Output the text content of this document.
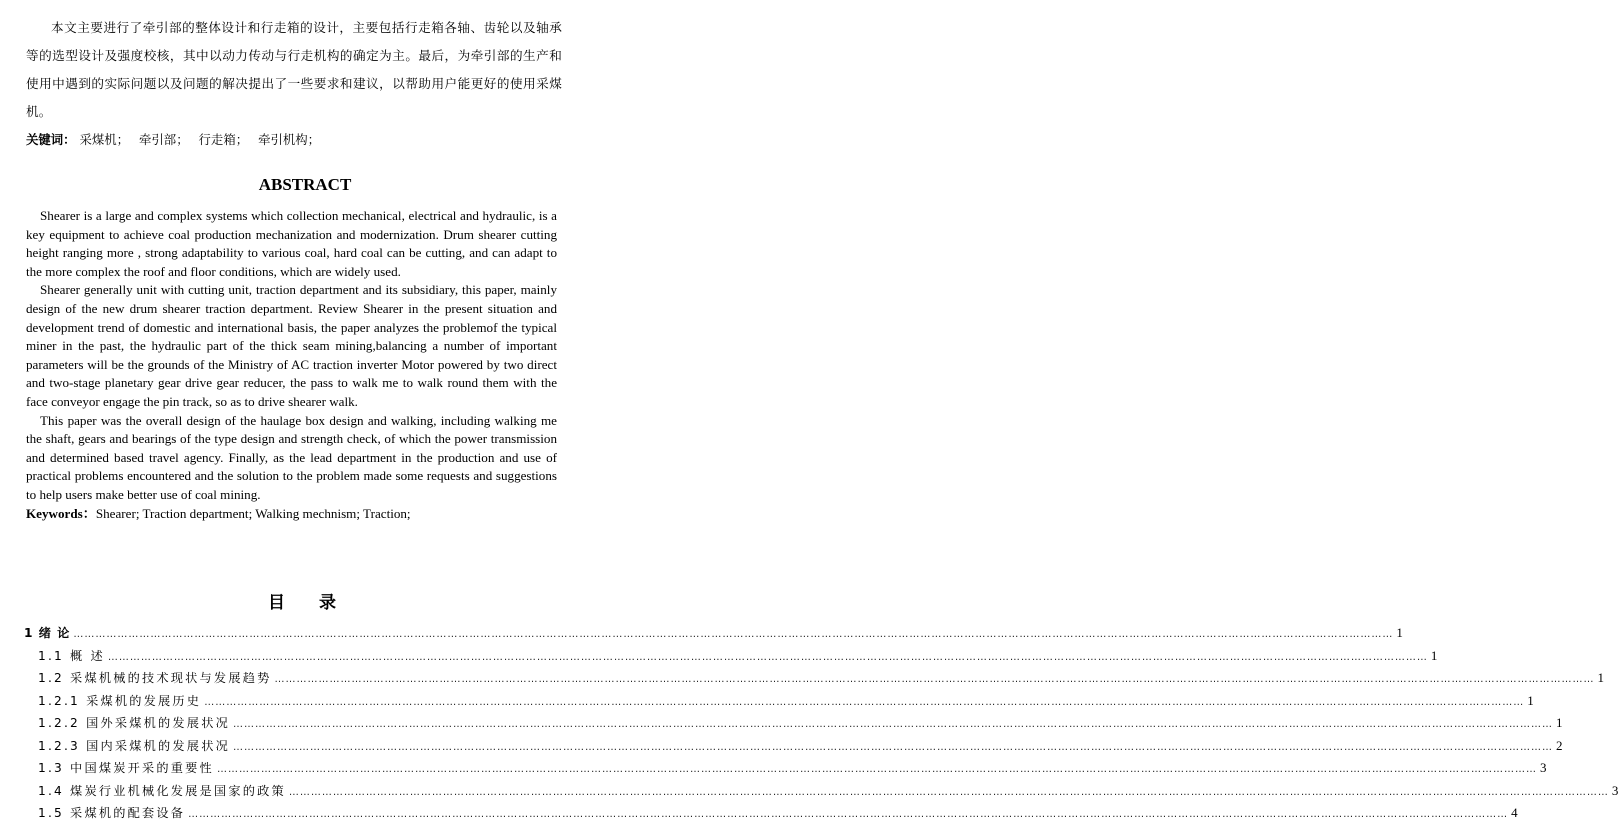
本文主要进行了牵引部的整体设计和行走箱的设计，主要包括行走箱各轴、齿轮以及轴承等的选型设计及强度校核，其中以动力传动与行走机构的确定为主。最后，为牵引部的生产和使用中遇到的实际问题以及问题的解决提出了一些要求和建议，以帮助用户能更好的使用采煤机。

关键词： 采煤机； 牵引部； 行走箱； 牵引机构；
ABSTRACT

Shearer is a large and complex systems which collection mechanical, electrical and hydraulic, is a key equipment to achieve coal production mechanization and modernization. Drum shearer cutting height ranging more , strong adaptability to various coal, hard coal can be cutting, and can adapt to the more complex the roof and floor conditions, which are widely used.

Shearer generally unit with cutting unit, traction department and its subsidiary, this paper, mainly design of the new drum shearer traction department. Review Shearer in the present situation and development trend of domestic and international basis, the paper analyzes the problemof the typical miner in the past, the hydraulic part of the thick seam mining,balancing a number of important parameters will be the grounds of the Ministry of AC traction inverter Motor powered by two direct and two-stage planetary gear drive gear reducer, the pass to walk me to walk round them with the face conveyor engage the pin track, so as to drive shearer walk.

This paper was the overall design of the haulage box design and walking, including walking me the shaft, gears and bearings of the type design and strength check, of which the power transmission and determined based travel agency. Finally, as the lead department in the production and use of practical problems encountered and the solution to the problem made some requests and suggestions to help users make better use of coal mining.

Keywords：Shearer; Traction department; Walking mechnism; Traction;

目 录
1 绪 论 ……………………………………………………………………………………………………………………………………………………………………………………………………………………………………………………………………………………………………………………………… 1
1.1 概 述 ……………………………………………………………………………………………………………………………………………………………………………………………………………………………………………………………………………………………………………………………… 1
1.2 采煤机械的技术现状与发展趋势 ……………………………………………………………………………………………………………………………………………………………………………………………………………………………………………………………………………………………………………………………… 1
1.2.1 采煤机的发展历史 ……………………………………………………………………………………………………………………………………………………………………………………………………………………………………………………………………………………………………………………………… 1
1.2.2 国外采煤机的发展状况 ……………………………………………………………………………………………………………………………………………………………………………………………………………………………………………………………………………………………………………………………… 1
1.2.3 国内采煤机的发展状况 ……………………………………………………………………………………………………………………………………………………………………………………………………………………………………………………………………………………………………………………………… 2
1.3 中国煤炭开采的重要性 ……………………………………………………………………………………………………………………………………………………………………………………………………………………………………………………………………………………………………………………………… 3
1.4 煤炭行业机械化发展是国家的政策 ……………………………………………………………………………………………………………………………………………………………………………………………………………………………………………………………………………………………………………………………… 3
1.5 采煤机的配套设备 ……………………………………………………………………………………………………………………………………………………………………………………………………………………………………………………………………………………………………………………………… 4
